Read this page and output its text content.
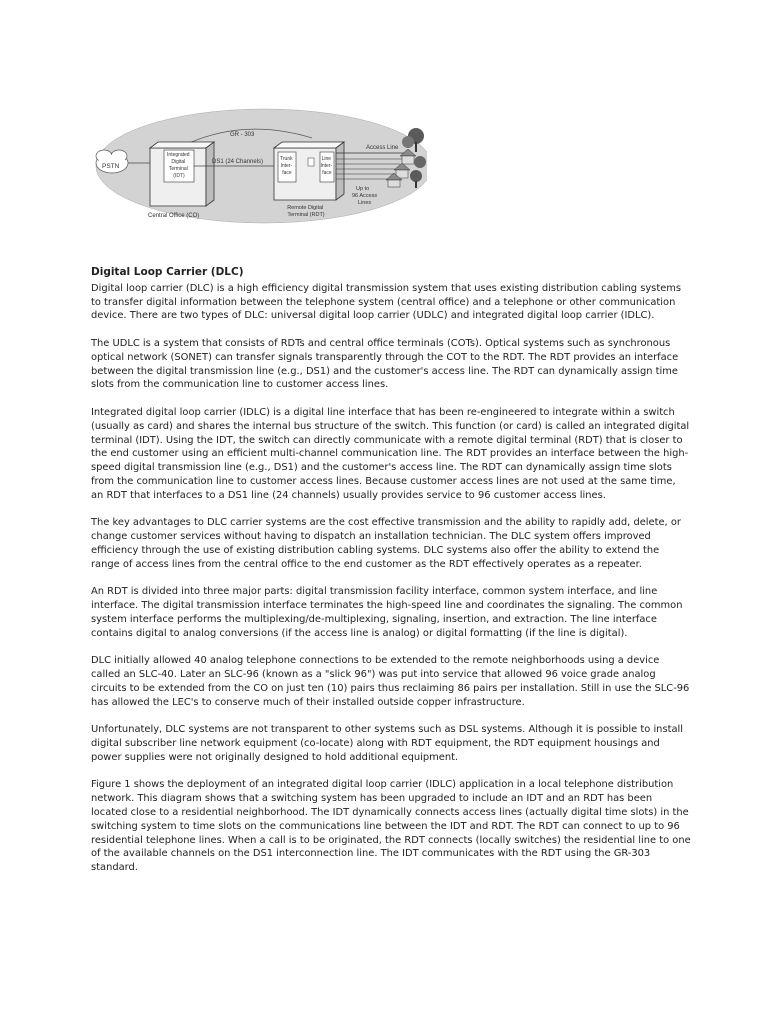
GR - 303
PSTN
Integrated Digital Terminal (IDT)
Central Office (CO)
DS1 (24 Channels)	Trunk Inter- face
Line Inter- face
Remote Digital Terminal (RDT)
Access Line
Up to 96 Access Lines
Digital Loop Carrier (DLC)

Digital loop carrier (DLC) is a high efficiency digital transmission system that uses existing distribution cabling systems to transfer digital information between the telephone system (central office) and a telephone or other communication device. There are two types of DLC: universal digital loop carrier (UDLC) and integrated digital loop carrier (IDLC).

The UDLC is a system that consists of RDTs and central office terminals (COTs). Optical systems such as synchronous optical network (SONET) can transfer signals transparently through the COT to the RDT. The RDT provides an interface between the digital transmission line (e.g., DS1) and the customer's access line. The RDT can dynamically assign time slots from the communication line to customer access lines.

Integrated digital loop carrier (IDLC) is a digital line interface that has been re-engineered to integrate within a switch (usually as card) and shares the internal bus structure of the switch. This function (or card) is called an integrated digital terminal (IDT). Using the IDT, the switch can directly communicate with a remote digital terminal (RDT) that is closer to the end customer using an efficient multi-channel communication line. The RDT provides an interface between the high-speed digital transmission line (e.g., DS1) and the customer's access line. The RDT can dynamically assign time slots from the communication line to customer access lines. Because customer access lines are not used at the same time, an RDT that interfaces to a DS1 line (24 channels) usually provides service to 96 customer access lines.

The key advantages to DLC carrier systems are the cost effective transmission and the ability to rapidly add, delete, or change customer services without having to dispatch an installation technician. The DLC system offers improved efficiency through the use of existing distribution cabling systems. DLC systems also offer the ability to extend the range of access lines from the central office to the end customer as the RDT effectively operates as a repeater.

An RDT is divided into three major parts: digital transmission facility interface, common system interface, and line interface. The digital transmission interface terminates the high-speed line and coordinates the signaling. The common system interface performs the multiplexing/de-multiplexing, signaling, insertion, and extraction. The line interface contains digital to analog conversions (if the access line is analog) or digital formatting (if the line is digital).

DLC initially allowed 40 analog telephone connections to be extended to the remote neighborhoods using a device called an SLC-40. Later an SLC-96 (known as a "slick 96") was put into service that allowed 96 voice grade analog circuits to be extended from the CO on just ten (10) pairs thus reclaiming 86 pairs per installation. Still in use the SLC-96 has allowed the LEC's to conserve much of their installed outside copper infrastructure.

Unfortunately, DLC systems are not transparent to other systems such as DSL systems. Although it is possible to install digital subscriber line network equipment (co-locate) along with RDT equipment, the RDT equipment housings and power supplies were not originally designed to hold additional equipment.

Figure 1 shows the deployment of an integrated digital loop carrier (IDLC) application in a local telephone distribution network. This diagram shows that a switching system has been upgraded to include an IDT and an RDT has been located close to a residential neighborhood. The IDT dynamically connects access lines (actually digital time slots) in the switching system to time slots on the communications line between the IDT and RDT. The RDT can connect to up to 96 residential telephone lines. When a call is to be originated, the RDT connects (locally switches) the residential line to one of the available channels on the DS1 interconnection line. The IDT communicates with the RDT using the GR-303 standard.
